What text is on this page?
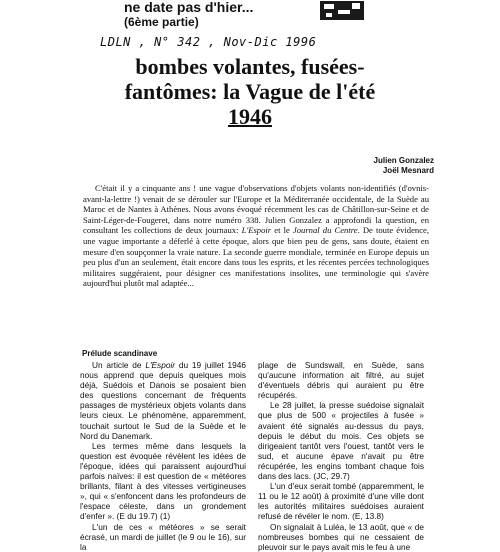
ne date pas d'hier...
(6ème partie)
LDLN , N° 342 , Nov-Dic 1996
bombes volantes, fusées-
fantômes: la Vague de l'été
1946
Julien Gonzalez
Joël Mesnard
C'était il y a cinquante ans ! une vague d'observations d'objets volants non-identifiés (d'ovnis-avant-la-lettre !) venait de se dérouler sur l'Europe et la Méditerranée occidentale, de la Suède au Maroc et de Nantes à Athènes. Nous avons évoqué récemment les cas de Châtillon-sur-Seine et de Saint-Léger-de-Fougeret, dans notre numéro 338. Julien Gonzalez a approfondi la question, en consultant les collections de deux journaux: L'Espoir et le Journal du Centre. De toute évidence, une vague importante a déferlé à cette époque, alors que bien peu de gens, sans doute, étaient en mesure d'en soupçonner la vraie nature. La seconde guerre mondiale, terminée en Europe depuis un peu plus d'un an seulement, était encore dans tous les esprits, et les récentes percées technologiques militaires suggéraient, pour désigner ces manifestations insolites, une terminologie qui s'avère aujourd'hui plutôt mal adaptée...
Prélude scandinave

Un article de L'Espoir du 19 juillet 1946 nous apprend que depuis quelques mois déjà, Suédois et Danois se posaient bien des questions concernant de fréquents passages de mystérieux objets volants dans leurs cieux. Le phénomène, apparemment, touchait surtout le Sud de la Suède et le Nord du Danemark.

Les termes même dans lesquels la question est évoquée révèlent les idées de l'époque, idées qui paraissent aujourd'hui parfois naïves: il est question de « météores brillants, filant à des vitesses vertigineuses », qui « s'enfoncent dans les profondeurs de l'espace céleste, dans un grondement d'enfer ». (E du 19.7) (1)

L'un de ces « météores » se serait écrasé, un mardi de juillet (le 9 ou le 16), sur la

plage de Sundswall, en Suède, sans qu'aucune information ait filtré, au sujet d'éventuels débris qui auraient pu être récupérés.

Le 28 juillet, la presse suédoise signalait que plus de 500 « projectiles à fusée » avaient été signalés au-dessus du pays, depuis le début du mois. Ces objets se dirigeaient tantôt vers l'ouest, tantôt vers le sud, et aucune épave n'avait pu être récupérée, les engins tombant chaque fois dans des lacs. (JC, 29.7)

L'un d'eux serait tombé (apparemment, le 11 ou le 12 août) à proximité d'une ville dont les autorités militaires suédoises auraient refusé de révéler le nom. (E, 13.8)

On signalait à Luléa, le 13 août, que « de nombreuses bombes qui ne cessaient de pleuvoir sur le pays avait mis le feu à une
